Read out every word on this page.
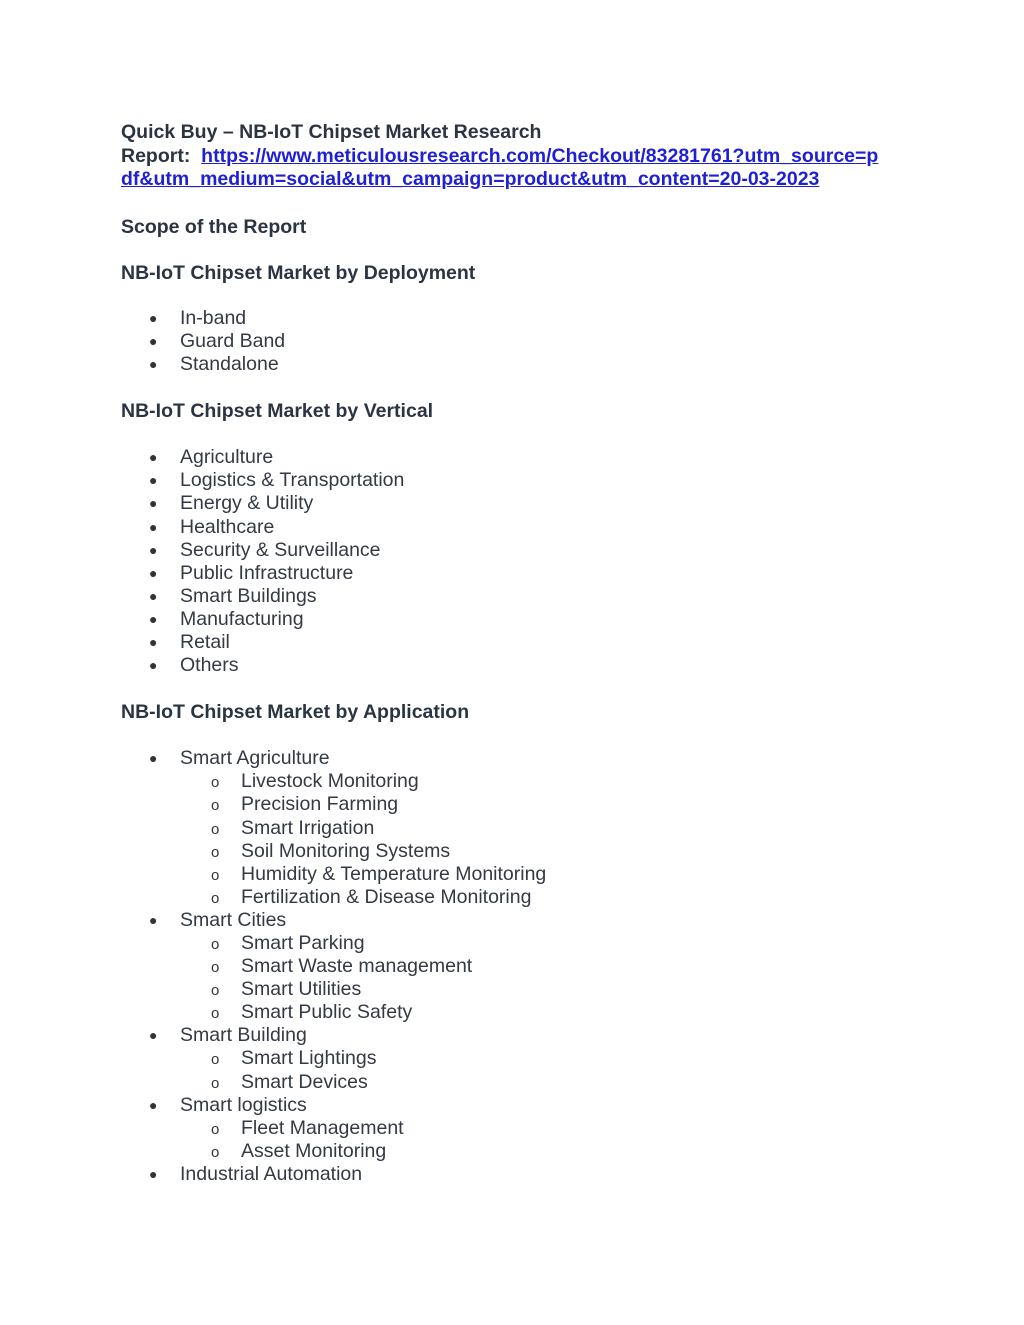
Quick Buy – NB-IoT Chipset Market Research
Report: https://www.meticulousresearch.com/Checkout/83281761?utm_source=p
df&utm_medium=social&utm_campaign=product&utm_content=20-03-2023
Scope of the Report
NB-IoT Chipset Market by Deployment
● In-band
● Guard Band
● Standalone
NB-IoT Chipset Market by Vertical
● Agriculture
● Logistics & Transportation
● Energy & Utility
● Healthcare
● Security & Surveillance
● Public Infrastructure
● Smart Buildings
● Manufacturing
● Retail
● Others
NB-IoT Chipset Market by Application
● Smart Agriculture
o Livestock Monitoring
o Precision Farming
o Smart Irrigation
o Soil Monitoring Systems
o Humidity & Temperature Monitoring
o Fertilization & Disease Monitoring
● Smart Cities
o Smart Parking
o Smart Waste management
o Smart Utilities
o Smart Public Safety
● Smart Building
o Smart Lightings
o Smart Devices
● Smart logistics
o Fleet Management
o Asset Monitoring
● Industrial Automation
